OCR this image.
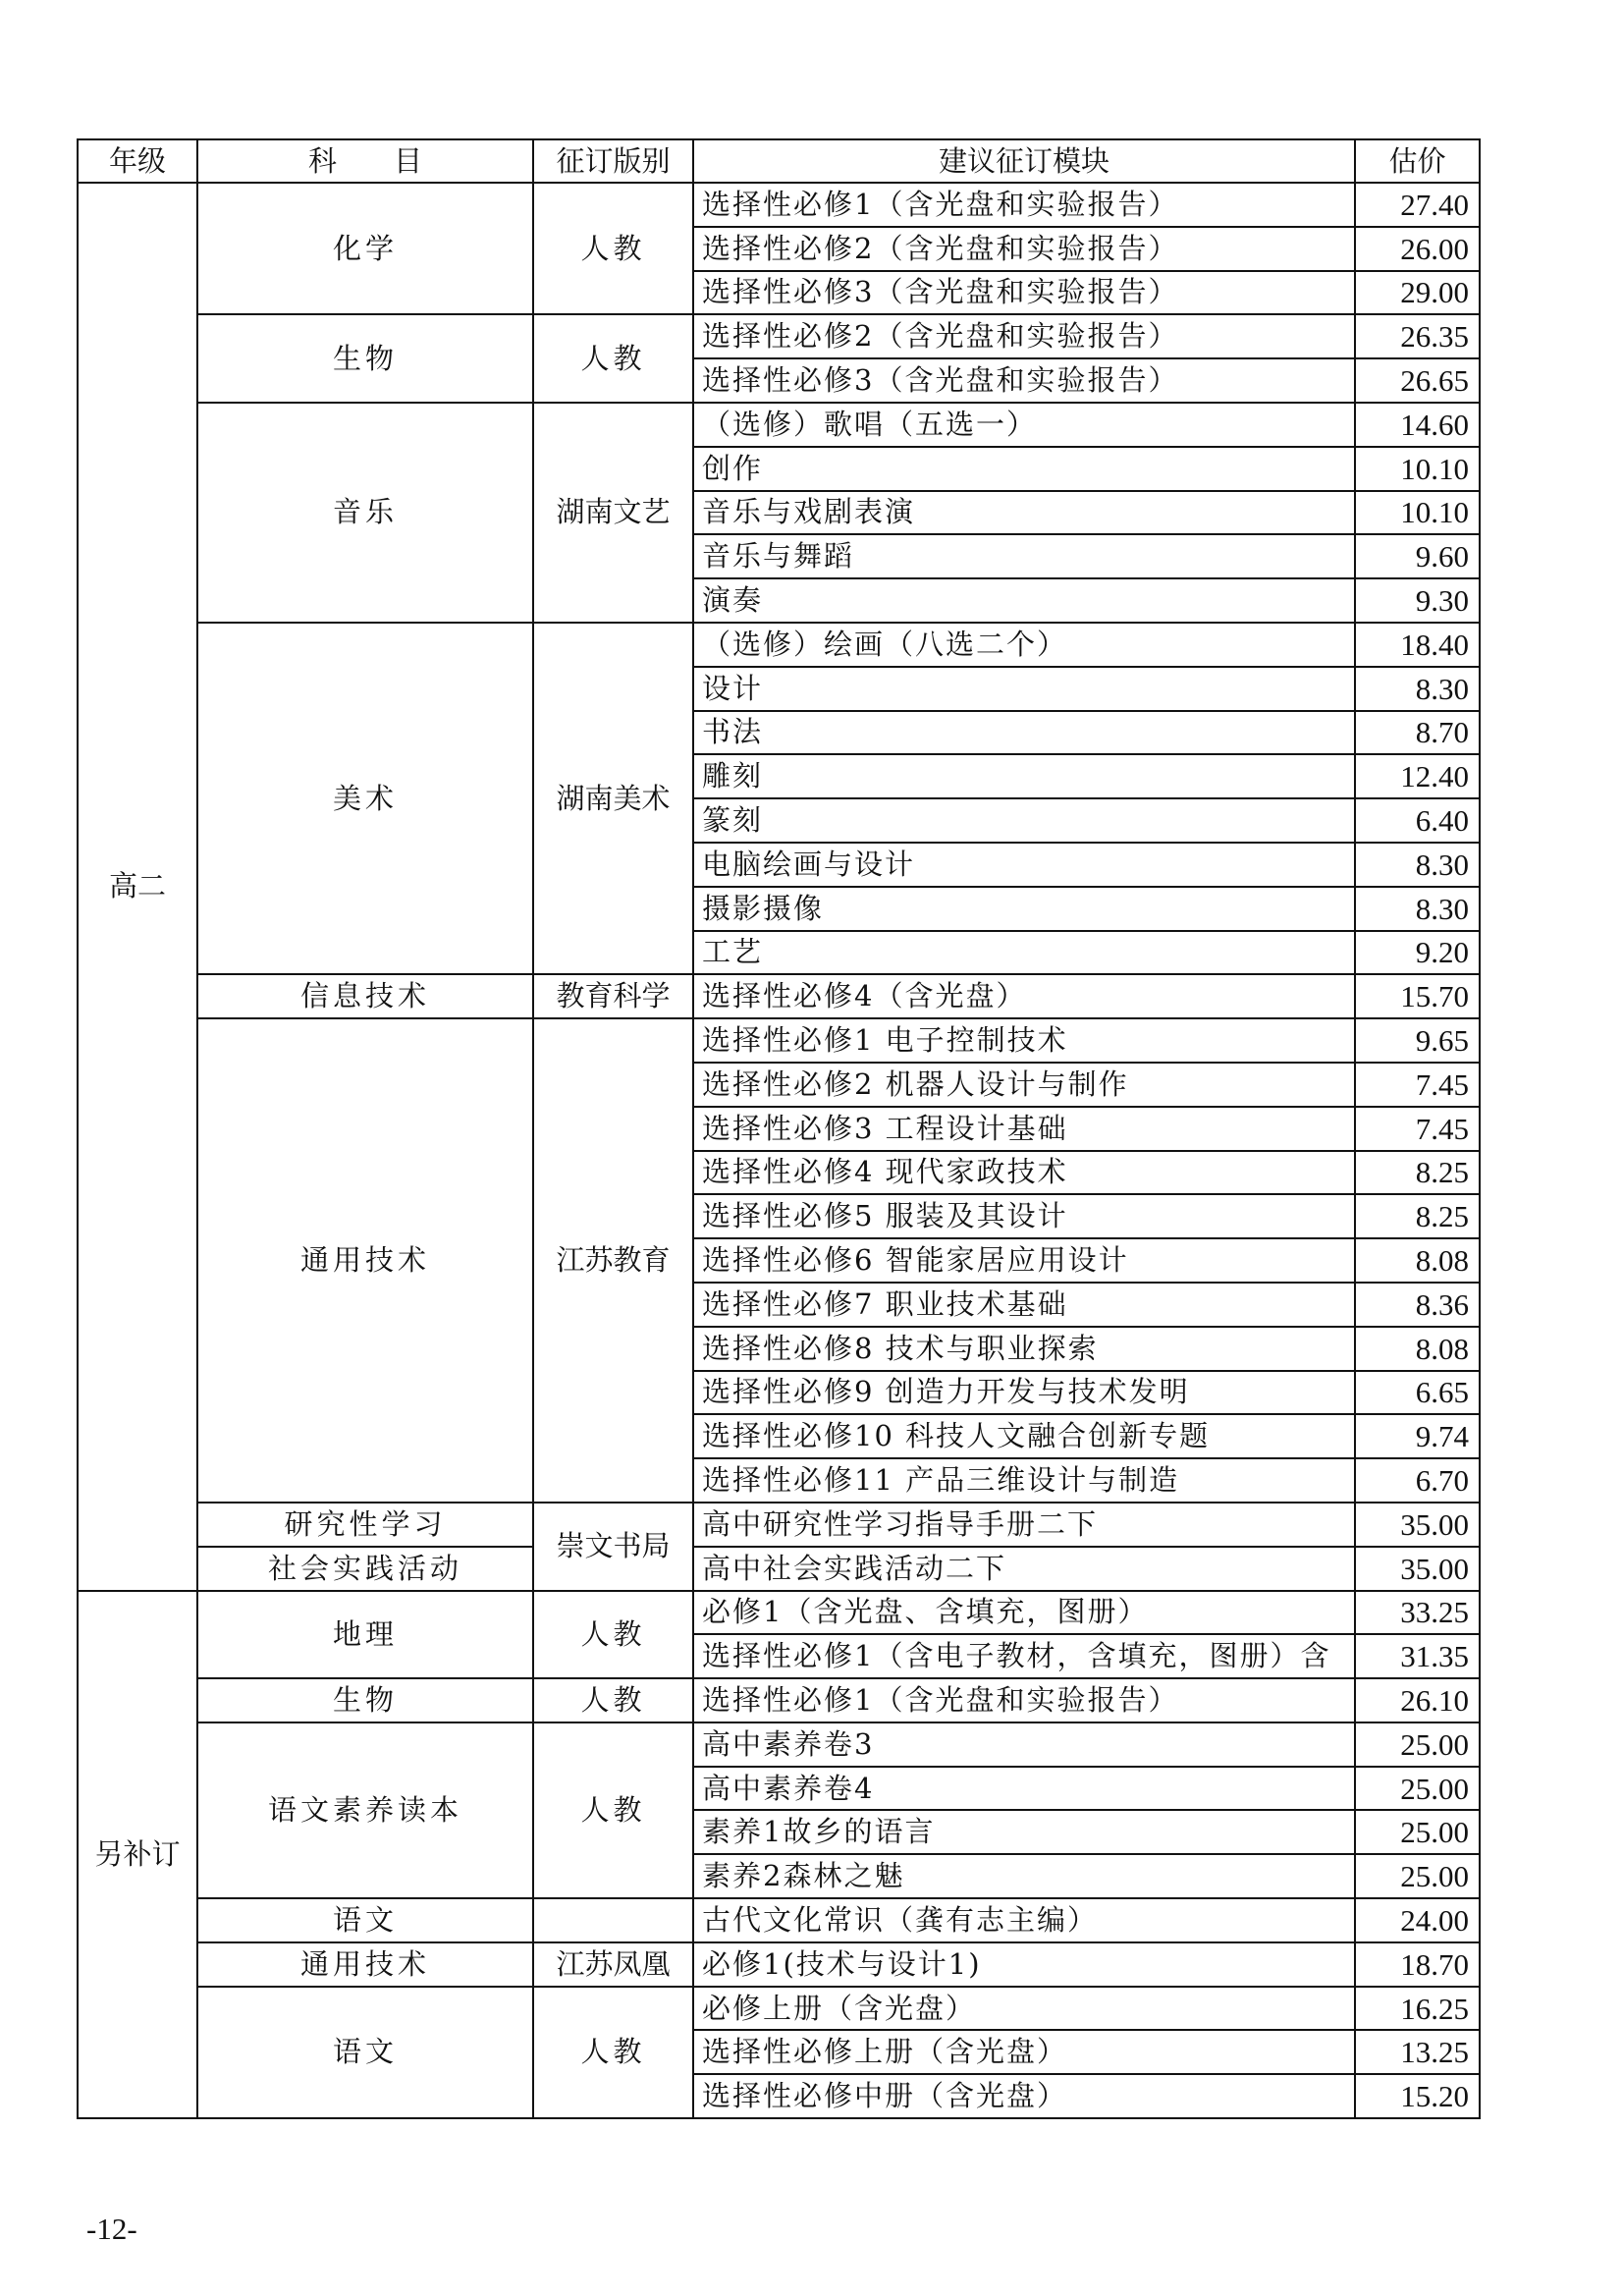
年级	科　　目	征订版别	建议征订模块	估价
高二	化学	人教	选择性必修1（含光盘和实验报告）	27.40
			选择性必修2（含光盘和实验报告）	26.00
			选择性必修3（含光盘和实验报告）	29.00
	生物	人教	选择性必修2（含光盘和实验报告）	26.35
			选择性必修3（含光盘和实验报告）	26.65
	音乐	湖南文艺	（选修）歌唱（五选一）	14.60
			创作	10.10
			音乐与戏剧表演	10.10
			音乐与舞蹈	9.60
			演奏	9.30
	美术	湖南美术	（选修）绘画（八选二个）	18.40
			设计	8.30
			书法	8.70
			雕刻	12.40
			篆刻	6.40
			电脑绘画与设计	8.30
			摄影摄像	8.30
			工艺	9.20
	信息技术	教育科学	选择性必修4（含光盘）	15.70
	通用技术	江苏教育	选择性必修1 电子控制技术	9.65
			选择性必修2 机器人设计与制作	7.45
			选择性必修3 工程设计基础	7.45
			选择性必修4 现代家政技术	8.25
			选择性必修5 服装及其设计	8.25
			选择性必修6 智能家居应用设计	8.08
			选择性必修7 职业技术基础	8.36
			选择性必修8 技术与职业探索	8.08
			选择性必修9 创造力开发与技术发明	6.65
			选择性必修10 科技人文融合创新专题	9.74
			选择性必修11 产品三维设计与制造	6.70
	研究性学习	崇文书局	高中研究性学习指导手册二下	35.00
	社会实践活动		高中社会实践活动二下	35.00
另补订	地理	人教	必修1（含光盘、含填充，图册）	33.25
			选择性必修1（含电子教材，含填充，图册）含	31.35
	生物	人教	选择性必修1（含光盘和实验报告）	26.10
	语文素养读本	人教	高中素养卷3	25.00
			高中素养卷4	25.00
			素养1故乡的语言	25.00
			素养2森林之魅	25.00
	语文		古代文化常识（龚有志主编）	24.00
	通用技术	江苏凤凰	必修1(技术与设计1)	18.70
	语文	人教	必修上册（含光盘）	16.25
			选择性必修上册（含光盘）	13.25
			选择性必修中册（含光盘）	15.20
-12-
